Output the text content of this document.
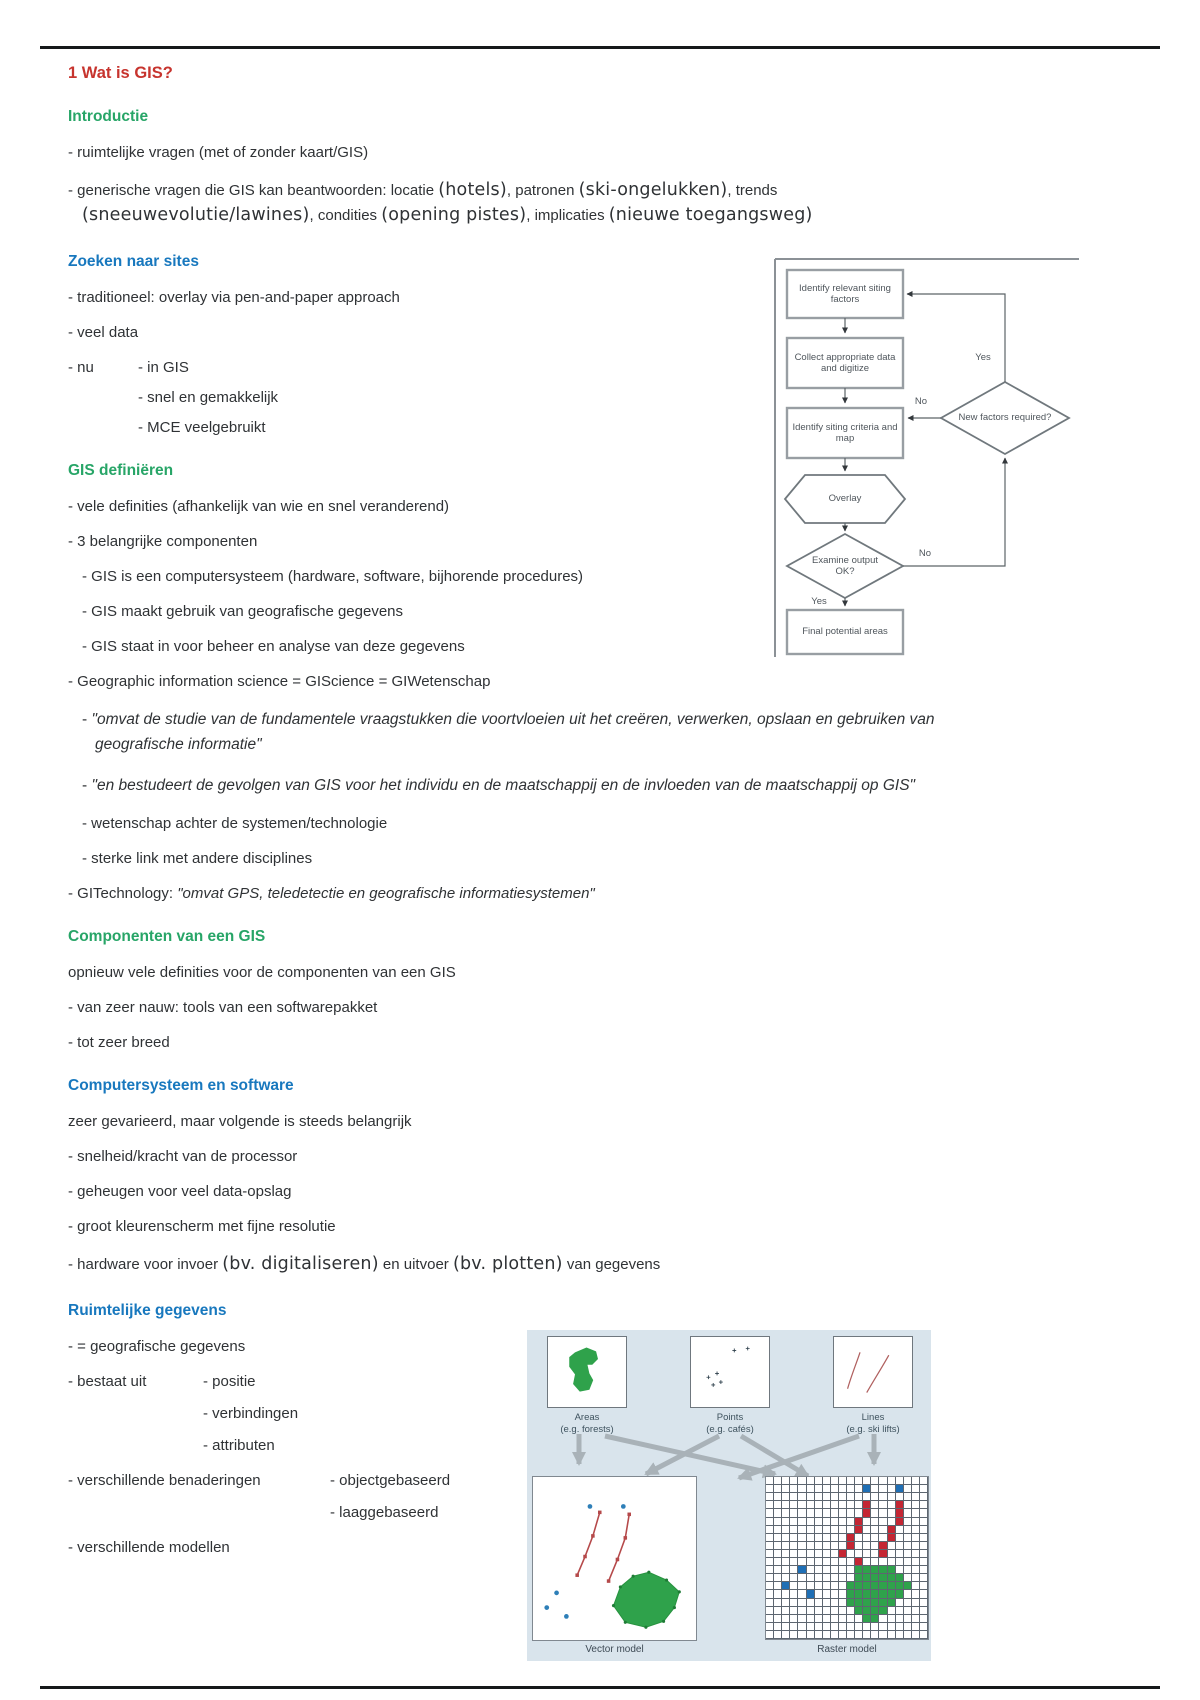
1 Wat is GIS?
Introductie
- ruimtelijke vragen (met of zonder kaart/GIS)
- generische vragen die GIS kan beantwoorden: locatie (hotels), patronen (ski-ongelukken), trends (sneeuwevolutie/lawines), condities (opening pistes), implicaties (nieuwe toegangsweg)
Zoeken naar sites
- traditioneel: overlay via pen-and-paper approach
- veel data
- nu	- in GIS
- snel en gemakkelijk
- MCE veelgebruikt
GIS definiëren
- vele definities (afhankelijk van wie en snel veranderend)
- 3 belangrijke componenten
- GIS is een computersysteem (hardware, software, bijhorende procedures)
- GIS maakt gebruik van geografische gegevens
- GIS staat in voor beheer en analyse van deze gegevens
- Geographic information science = GIScience = GIWetenschap
- "omvat de studie van de fundamentele vraagstukken die voortvloeien uit het creëren, verwerken, opslaan en gebruiken van geografische informatie"
- "en bestudeert de gevolgen van GIS voor het individu en de maatschappij en de invloeden van de maatschappij op GIS"
- wetenschap achter de systemen/technologie
- sterke link met andere disciplines
- GITechnology: "omvat GPS, teledetectie en geografische informatiesystemen"
Componenten van een GIS
opnieuw vele definities voor de componenten van een GIS
- van zeer nauw: tools van een softwarepakket
- tot zeer breed
Computersysteem en software
zeer gevarieerd, maar volgende is steeds belangrijk
- snelheid/kracht van de processor
- geheugen voor veel data-opslag
- groot kleurenscherm met fijne resolutie
- hardware voor invoer (bv. digitaliseren) en uitvoer (bv. plotten) van gegevens
Ruimtelijke gegevens
- = geografische gegevens
- bestaat uit	- positie
- verbindingen
- attributen
- verschillende benaderingen	- objectgebaseerd
- laaggebaseerd
- verschillende modellen
Identify relevant siting factors
Collect appropriate data and digitize
Identify siting criteria and map
Overlay
Examine output OK?
Final potential areas
New factors required?
Yes
No
No
Yes
Areas
(e.g. forests)
Points
(e.g. cafés)
Lines
(e.g. ski lifts)
Vector model	Raster model
